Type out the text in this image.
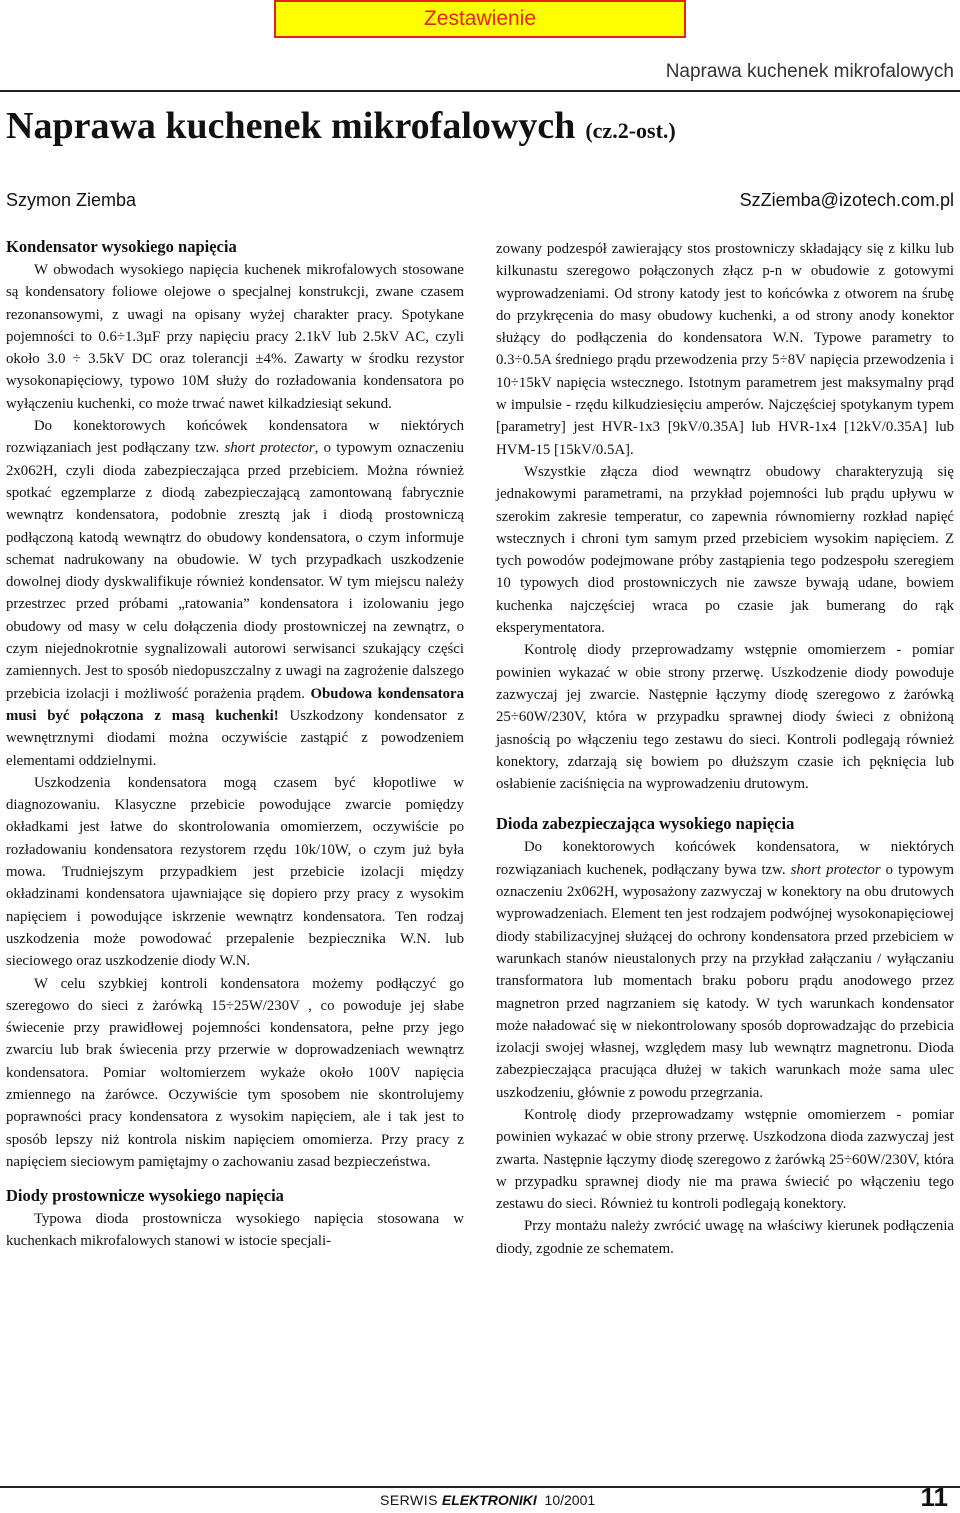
Zestawienie
Naprawa kuchenek mikrofalowych
Naprawa kuchenek mikrofalowych (cz.2-ost.)
Szymon Ziemba	SzZiemba@izotech.com.pl
Kondensator wysokiego napięcia

W obwodach wysokiego napięcia kuchenek mikrofalowych stosowane są kondensatory foliowe olejowe o specjalnej konstrukcji, zwane czasem rezonansowymi, z uwagi na opisany wyżej charakter pracy. Spotykane pojemności to 0.6÷1.3µF przy napięciu pracy 2.1kV lub 2.5kV AC, czyli około 3.0 ÷ 3.5kV DC oraz tolerancji ±4%. Zawarty w środku rezystor wysokonapięciowy, typowo 10M służy do rozładowania kondensatora po wyłączeniu kuchenki, co może trwać nawet kilkadziesiąt sekund.

Do konektorowych końcówek kondensatora w niektórych rozwiązaniach jest podłączany tzw. short protector, o typowym oznaczeniu 2x062H, czyli dioda zabezpieczająca przed przebiciem. Można również spotkać egzemplarze z diodą zabezpieczającą zamontowaną fabrycznie wewnątrz kondensatora, podobnie zresztą jak i diodą prostowniczą podłączoną katodą wewnątrz do obudowy kondensatora, o czym informuje schemat nadrukowany na obudowie. W tych przypadkach uszkodzenie dowolnej diody dyskwalifikuje również kondensator. W tym miejscu należy przestrzec przed próbami „ratowania” kondensatora i izolowaniu jego obudowy od masy w celu dołączenia diody prostowniczej na zewnątrz, o czym niejednokrotnie sygnalizowali autorowi serwisanci szukający części zamiennych. Jest to sposób niedopuszczalny z uwagi na zagrożenie dalszego przebicia izolacji i możliwość porażenia prądem. Obudowa kondensatora musi być połączona z masą kuchenki! Uszkodzony kondensator z wewnętrznymi diodami można oczywiście zastąpić z powodzeniem elementami oddzielnymi.

Uszkodzenia kondensatora mogą czasem być kłopotliwe w diagnozowaniu. Klasyczne przebicie powodujące zwarcie pomiędzy okładkami jest łatwe do skontrolowania omomierzem, oczywiście po rozładowaniu kondensatora rezystorem rzędu 10k/10W, o czym już była mowa. Trudniejszym przypadkiem jest przebicie izolacji między okładzinami kondensatora ujawniające się dopiero przy pracy z wysokim napięciem i powodujące iskrzenie wewnątrz kondensatora. Ten rodzaj uszkodzenia może powodować przepalenie bezpiecznika W.N. lub sieciowego oraz uszkodzenie diody W.N.

W celu szybkiej kontroli kondensatora możemy podłączyć go szeregowo do sieci z żarówką 15÷25W/230V , co powoduje jej słabe świecenie przy prawidłowej pojemności kondensatora, pełne przy jego zwarciu lub brak świecenia przy przerwie w doprowadzeniach wewnątrz kondensatora. Pomiar woltomierzem wykaże około 100V napięcia zmiennego na żarówce. Oczywiście tym sposobem nie skontrolujemy poprawności pracy kondensatora z wysokim napięciem, ale i tak jest to sposób lepszy niż kontrola niskim napięciem omomierza. Przy pracy z napięciem sieciowym pamiętajmy o zachowaniu zasad bezpieczeństwa.

Diody prostownicze wysokiego napięcia

Typowa dioda prostownicza wysokiego napięcia stosowana w kuchenkach mikrofalowych stanowi w istocie specjali-

zowany podzespół zawierający stos prostowniczy składający się z kilku lub kilkunastu szeregowo połączonych złącz p-n w obudowie z gotowymi wyprowadzeniami. Od strony katody jest to końcówka z otworem na śrubę do przykręcenia do masy obudowy kuchenki, a od strony anody konektor służący do podłączenia do kondensatora W.N. Typowe parametry to 0.3÷0.5A średniego prądu przewodzenia przy 5÷8V napięcia przewodzenia i 10÷15kV napięcia wstecznego. Istotnym parametrem jest maksymalny prąd w impulsie - rzędu kilkudziesięciu amperów. Najczęściej spotykanym typem [parametry] jest HVR-1x3 [9kV/0.35A] lub HVR-1x4 [12kV/0.35A] lub HVM-15 [15kV/0.5A].

Wszystkie złącza diod wewnątrz obudowy charakteryzują się jednakowymi parametrami, na przykład pojemności lub prądu upływu w szerokim zakresie temperatur, co zapewnia równomierny rozkład napięć wstecznych i chroni tym samym przed przebiciem wysokim napięciem. Z tych powodów podejmowane próby zastąpienia tego podzespołu szeregiem 10 typowych diod prostowniczych nie zawsze bywają udane, bowiem kuchenka najczęściej wraca po czasie jak bumerang do rąk eksperymentatora.

Kontrolę diody przeprowadzamy wstępnie omomierzem - pomiar powinien wykazać w obie strony przerwę. Uszkodzenie diody powoduje zazwyczaj jej zwarcie. Następnie łączymy diodę szeregowo z żarówką 25÷60W/230V, która w przypadku sprawnej diody świeci z obniżoną jasnością po włączeniu tego zestawu do sieci. Kontroli podlegają również konektory, zdarzają się bowiem po dłuższym czasie ich pęknięcia lub osłabienie zaciśnięcia na wyprowadzeniu drutowym.

Dioda zabezpieczająca wysokiego napięcia

Do konektorowych końcówek kondensatora, w niektórych rozwiązaniach kuchenek, podłączany bywa tzw. short protector o typowym oznaczeniu 2x062H, wyposażony zazwyczaj w konektory na obu drutowych wyprowadzeniach. Element ten jest rodzajem podwójnej wysokonapięciowej diody stabilizacyjnej służącej do ochrony kondensatora przed przebiciem w warunkach stanów nieustalonych przy na przykład załączaniu / wyłączaniu transformatora lub momentach braku poboru prądu anodowego przez magnetron przed nagrzaniem się katody. W tych warunkach kondensator może naładować się w niekontrolowany sposób doprowadzając do przebicia izolacji swojej własnej, względem masy lub wewnątrz magnetronu. Dioda zabezpieczająca pracująca dłużej w takich warunkach może sama ulec uszkodzeniu, głównie z powodu przegrzania.

Kontrolę diody przeprowadzamy wstępnie omomierzem - pomiar powinien wykazać w obie strony przerwę. Uszkodzona dioda zazwyczaj jest zwarta. Następnie łączymy diodę szeregowo z żarówką 25÷60W/230V, która w przypadku sprawnej diody nie ma prawa świecić po włączeniu tego zestawu do sieci. Również tu kontroli podlegają konektory.

Przy montażu należy zwrócić uwagę na właściwy kierunek podłączenia diody, zgodnie ze schematem.

SERWIS ELEKTRONIKI 10/2001	11
